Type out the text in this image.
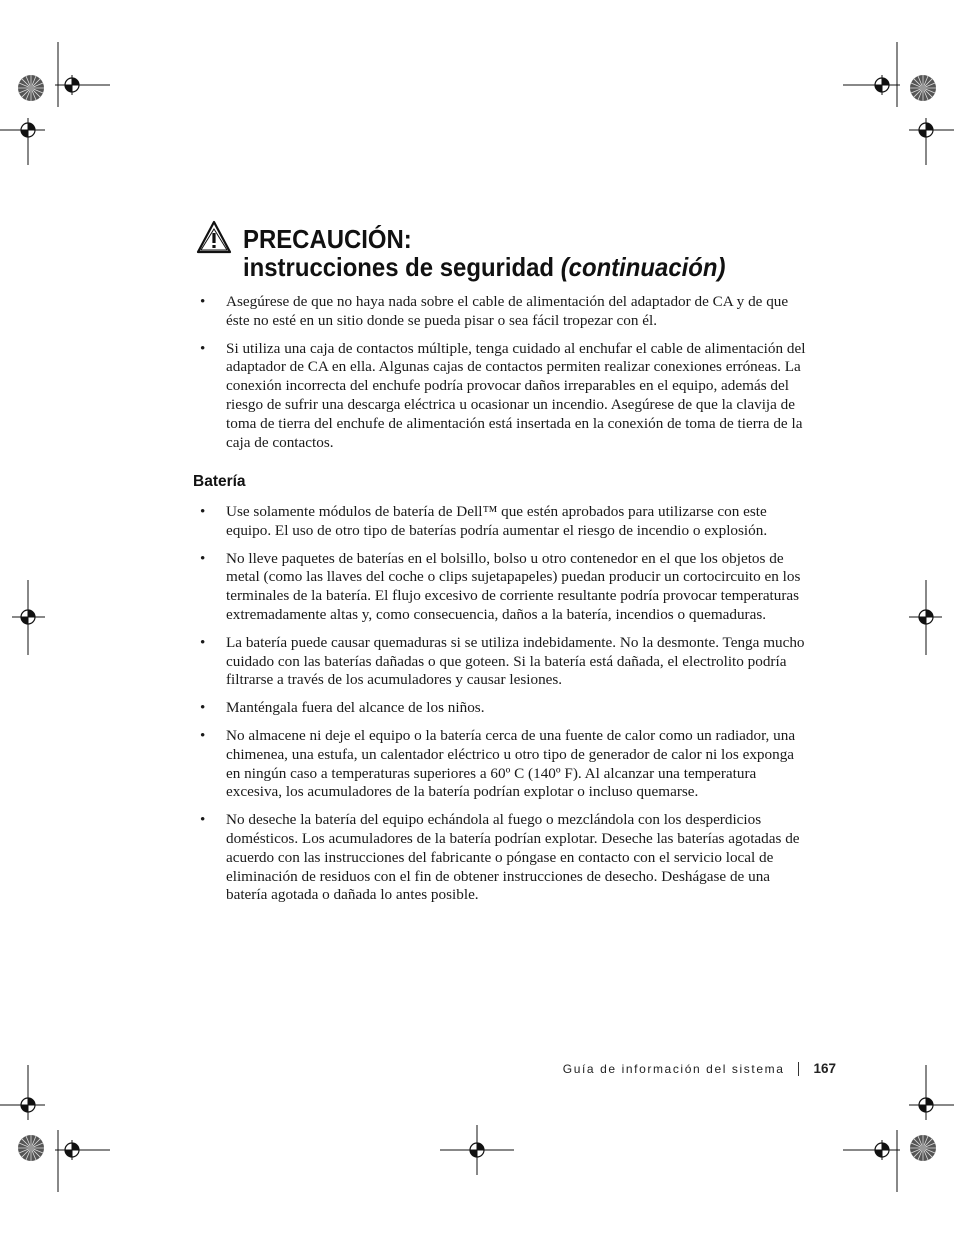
PRECAUCIÓN:
instrucciones de seguridad (continuación)
• Asegúrese de que no haya nada sobre el cable de alimentación del adaptador de CA y de que éste no esté en un sitio donde se pueda pisar o sea fácil tropezar con él.
• Si utiliza una caja de contactos múltiple, tenga cuidado al enchufar el cable de alimentación del adaptador de CA en ella. Algunas cajas de contactos permiten realizar conexiones erróneas. La conexión incorrecta del enchufe podría provocar daños irreparables en el equipo, además del riesgo de sufrir una descarga eléctrica u ocasionar un incendio. Asegúrese de que la clavija de toma de tierra del enchufe de alimentación está insertada en la conexión de toma de tierra de la caja de contactos.
Batería
• Use solamente módulos de batería de Dell™ que estén aprobados para utilizarse con este equipo. El uso de otro tipo de baterías podría aumentar el riesgo de incendio o explosión.
• No lleve paquetes de baterías en el bolsillo, bolso u otro contenedor en el que los objetos de metal (como las llaves del coche o clips sujetapapeles) puedan producir un cortocircuito en los terminales de la batería. El flujo excesivo de corriente resultante podría provocar temperaturas extremadamente altas y, como consecuencia, daños a la batería, incendios o quemaduras.
• La batería puede causar quemaduras si se utiliza indebidamente. No la desmonte. Tenga mucho cuidado con las baterías dañadas o que goteen. Si la batería está dañada, el electrolito podría filtrarse a través de los acumuladores y causar lesiones.
• Manténgala fuera del alcance de los niños.
• No almacene ni deje el equipo o la batería cerca de una fuente de calor como un radiador, una chimenea, una estufa, un calentador eléctrico u otro tipo de generador de calor ni los exponga en ningún caso a temperaturas superiores a 60º C (140º F). Al alcanzar una temperatura excesiva, los acumuladores de la batería podrían explotar o incluso quemarse.
• No deseche la batería del equipo echándola al fuego o mezclándola con los desperdicios domésticos. Los acumuladores de la batería podrían explotar. Deseche las baterías agotadas de acuerdo con las instrucciones del fabricante o póngase en contacto con el servicio local de eliminación de residuos con el fin de obtener instrucciones de desecho. Deshágase de una batería agotada o dañada lo antes posible.
Guía de información del sistema 167
